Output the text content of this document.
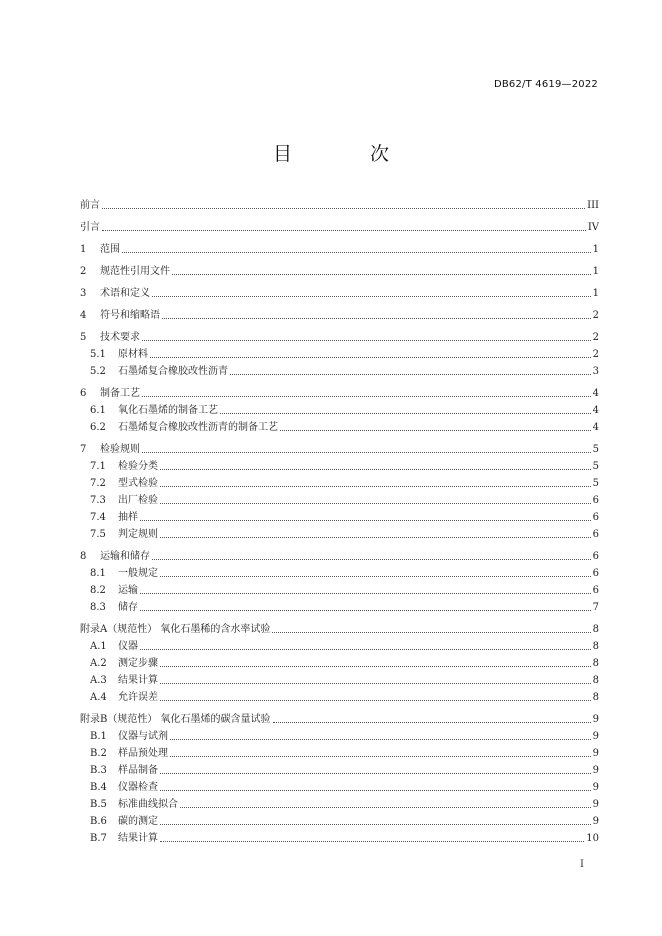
DB62/T 4619—2022
目 次
前言	III
引言	IV
1	范围	1
2	规范性引用文件	1
3	术语和定义	1
4	符号和缩略语	2
5	技术要求	2
5.1	原材料	2
5.2	石墨烯复合橡胶改性沥青	3
6	制备工艺	4
6.1	氧化石墨烯的制备工艺	4
6.2	石墨烯复合橡胶改性沥青的制备工艺	4
7	检验规则	5
7.1	检验分类	5
7.2	型式检验	5
7.3	出厂检验	6
7.4	抽样	6
7.5	判定规则	6
8	运输和储存	6
8.1	一般规定	6
8.2	运输	6
8.3	储存	7
附录A（规范性） 氧化石墨稀的含水率试验	8
A.1	仪器	8
A.2	测定步骤	8
A.3	结果计算	8
A.4	允许误差	8
附录B（规范性） 氧化石墨烯的碳含量试验	9
B.1	仪器与试剂	9
B.2	样品预处理	9
B.3	样品制备	9
B.4	仪器检查	9
B.5	标准曲线拟合	9
B.6	碳的测定	9
B.7	结果计算	10
I
